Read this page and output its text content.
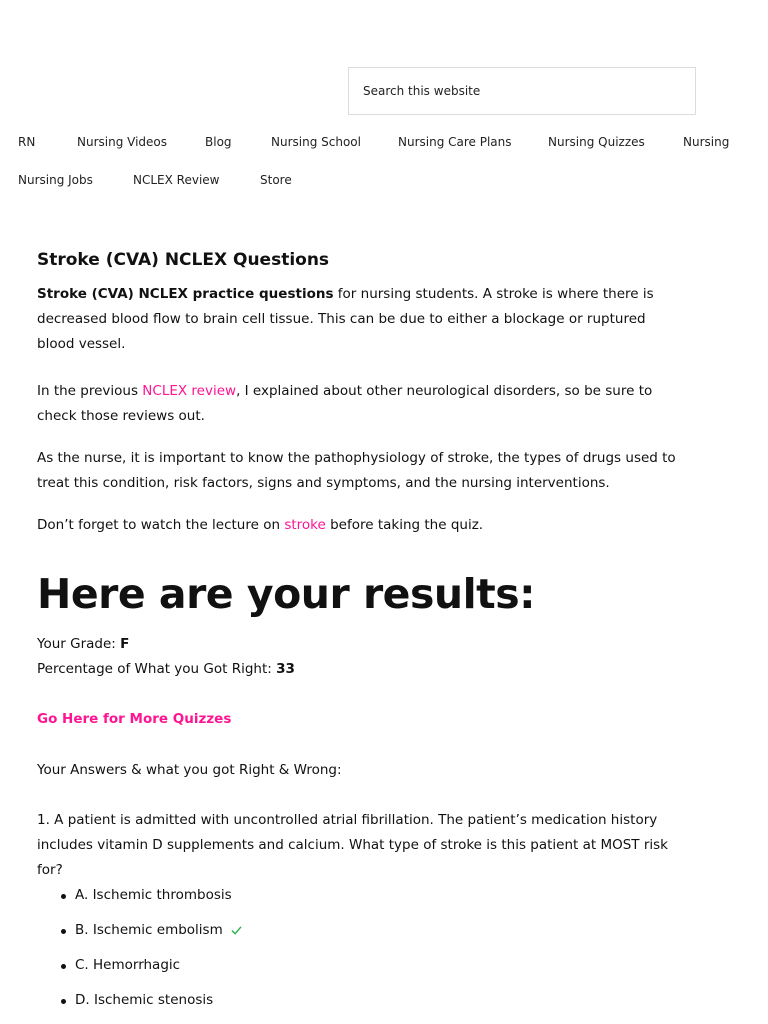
Search this website
RN	Nursing Videos	Blog	Nursing School	Nursing Care Plans	Nursing Quizzes	Nursing
Nursing Jobs	NCLEX Review	Store
Stroke (CVA) NCLEX Questions

Stroke (CVA) NCLEX practice questions for nursing students. A stroke is where there is decreased blood flow to brain cell tissue. This can be due to either a blockage or ruptured blood vessel.

In the previous NCLEX review, I explained about other neurological disorders, so be sure to check those reviews out.

As the nurse, it is important to know the pathophysiology of stroke, the types of drugs used to treat this condition, risk factors, signs and symptoms, and the nursing interventions.

Don’t forget to watch the lecture on stroke before taking the quiz.

Here are your results:

Your Grade: F

Percentage of What you Got Right: 33

Go Here for More Quizzes

Your Answers & what you got Right & Wrong:

1. A patient is admitted with uncontrolled atrial fibrillation. The patient’s medication history includes vitamin D supplements and calcium. What type of stroke is this patient at MOST risk for?

A. Ischemic thrombosis
B. Ischemic embolism
C. Hemorrhagic
D. Ischemic stenosis
